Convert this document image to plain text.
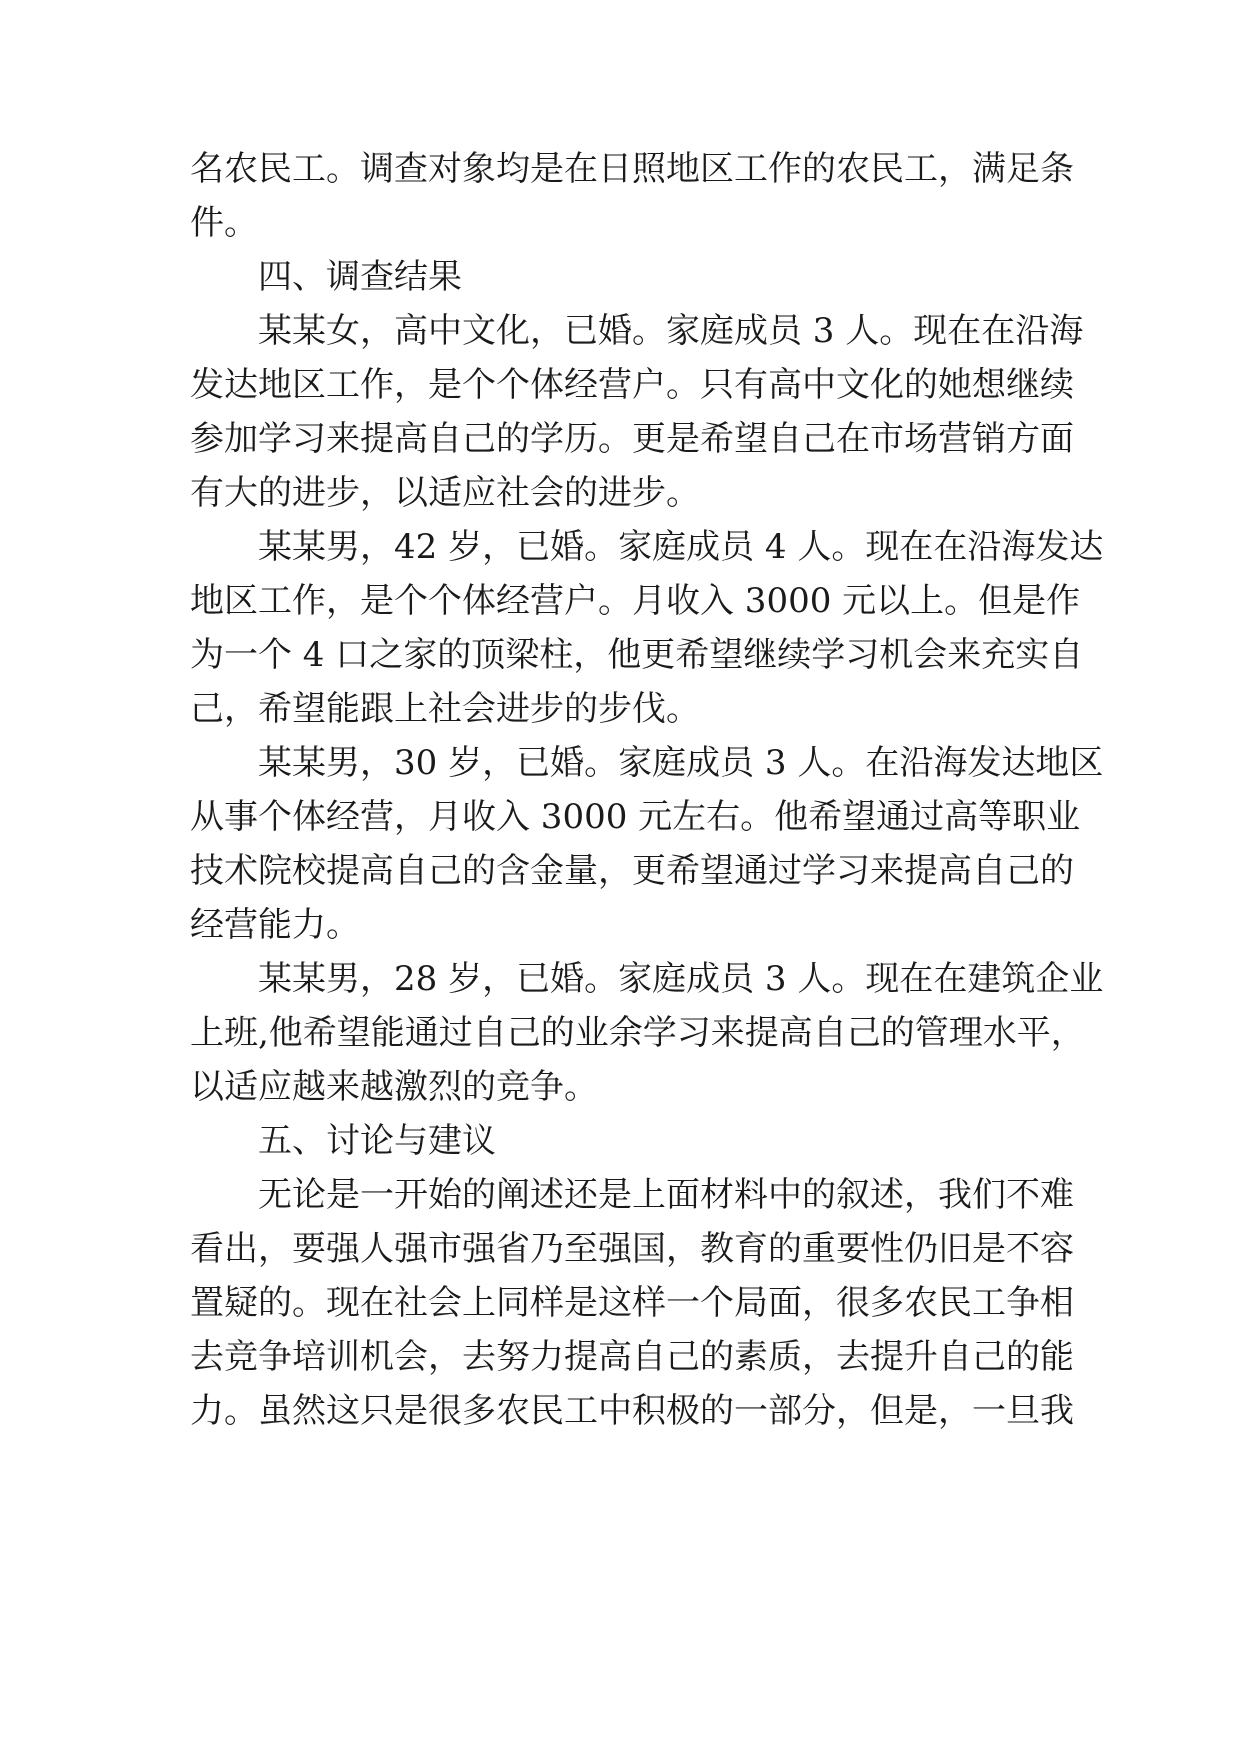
名农民工。调查对象均是在日照地区工作的农民工，满足条
件。
四、调查结果
某某女，高中文化，已婚。家庭成员 3 人。现在在沿海
发达地区工作，是个个体经营户。只有高中文化的她想继续
参加学习来提高自己的学历。更是希望自己在市场营销方面
有大的进步，以适应社会的进步。
某某男，42 岁，已婚。家庭成员 4 人。现在在沿海发达
地区工作，是个个体经营户。月收入 3000 元以上。但是作
为一个 4 口之家的顶梁柱，他更希望继续学习机会来充实自
己，希望能跟上社会进步的步伐。
某某男，30 岁，已婚。家庭成员 3 人。在沿海发达地区
从事个体经营，月收入 3000 元左右。他希望通过高等职业
技术院校提高自己的含金量，更希望通过学习来提高自己的
经营能力。
某某男，28 岁，已婚。家庭成员 3 人。现在在建筑企业
上班,他希望能通过自己的业余学习来提高自己的管理水平，
以适应越来越激烈的竞争。
五、讨论与建议
无论是一开始的阐述还是上面材料中的叙述，我们不难
看出，要强人强市强省乃至强国，教育的重要性仍旧是不容
置疑的。现在社会上同样是这样一个局面，很多农民工争相
去竞争培训机会，去努力提高自己的素质，去提升自己的能
力。虽然这只是很多农民工中积极的一部分，但是，一旦我
